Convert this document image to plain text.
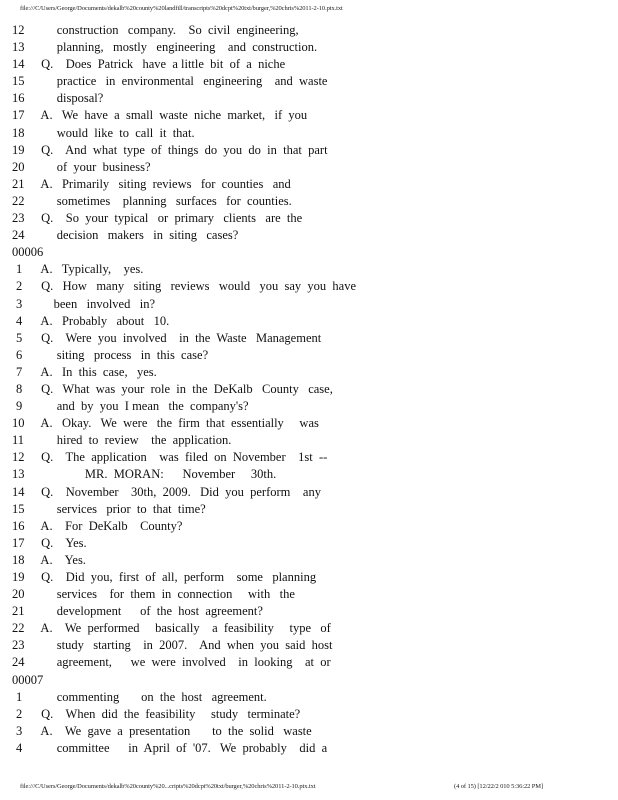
file:///C/Users/George/Documents/dekalb%20county%20landfill/transcripts%20dcpt%20txt/burger,%20chris%2011-2-10.ptx.txt
12	construction   company.    So  civil  engineering,
13	planning,   mostly   engineering    and  construction.
14	Q.    Does  Patrick   have  a little  bit  of  a  niche
15	practice   in  environmental   engineering    and  waste
16	disposal?
17	A.   We  have  a  small  waste  niche  market,   if  you
18	would  like  to  call  it  that.
19	Q.    And  what  type  of  things  do  you  do  in  that  part
20	of  your  business?
21	A.   Primarily   siting  reviews   for  counties   and
22	sometimes    planning   surfaces   for  counties.
23	Q.    So  your  typical   or  primary   clients   are  the
24	decision   makers   in  siting   cases?
00006
1	A.   Typically,    yes.
2	Q.   How   many   siting   reviews   would   you  say  you  have
3	been   involved   in?
4	A.   Probably   about   10.
5	Q.    Were  you  involved    in  the  Waste   Management
6	siting   process   in  this  case?
7	A.   In  this  case,   yes.
8	Q.   What  was  your  role  in  the  DeKalb   County   case,
9	and  by  you  I mean   the  company's?
10	A.   Okay.   We  were   the  firm  that  essentially     was
11	hired  to  review    the  application.
12	Q.    The  application    was  filed  on  November    1st  --
13	MR.  MORAN:      November     30th.
14	Q.    November    30th,  2009.   Did  you  perform    any
15	services   prior  to  that  time?
16	A.    For  DeKalb    County?
17	Q.    Yes.
18	A.    Yes.
19	Q.    Did  you,  first  of  all,  perform    some   planning
20	services    for  them  in  connection     with   the
21	development      of  the  host  agreement?
22	A.    We  performed     basically    a  feasibility     type   of
23	study   starting    in  2007.    And  when  you  said  host
24	agreement,      we  were  involved    in  looking    at  or
00007
1	commenting       on  the  host   agreement.
2	Q.    When  did  the  feasibility     study   terminate?
3	A.    We  gave  a  presentation       to  the  solid   waste
4	committee      in  April  of  '07.   We  probably    did  a
file:///C/Users/George/Documents/dekalb%20county%20...cripts%20dcpt%20txt/burger,%20chris%2011-2-10.ptx.txt	(4 of 15) [12/22/2 010 5:36:22 PM]
